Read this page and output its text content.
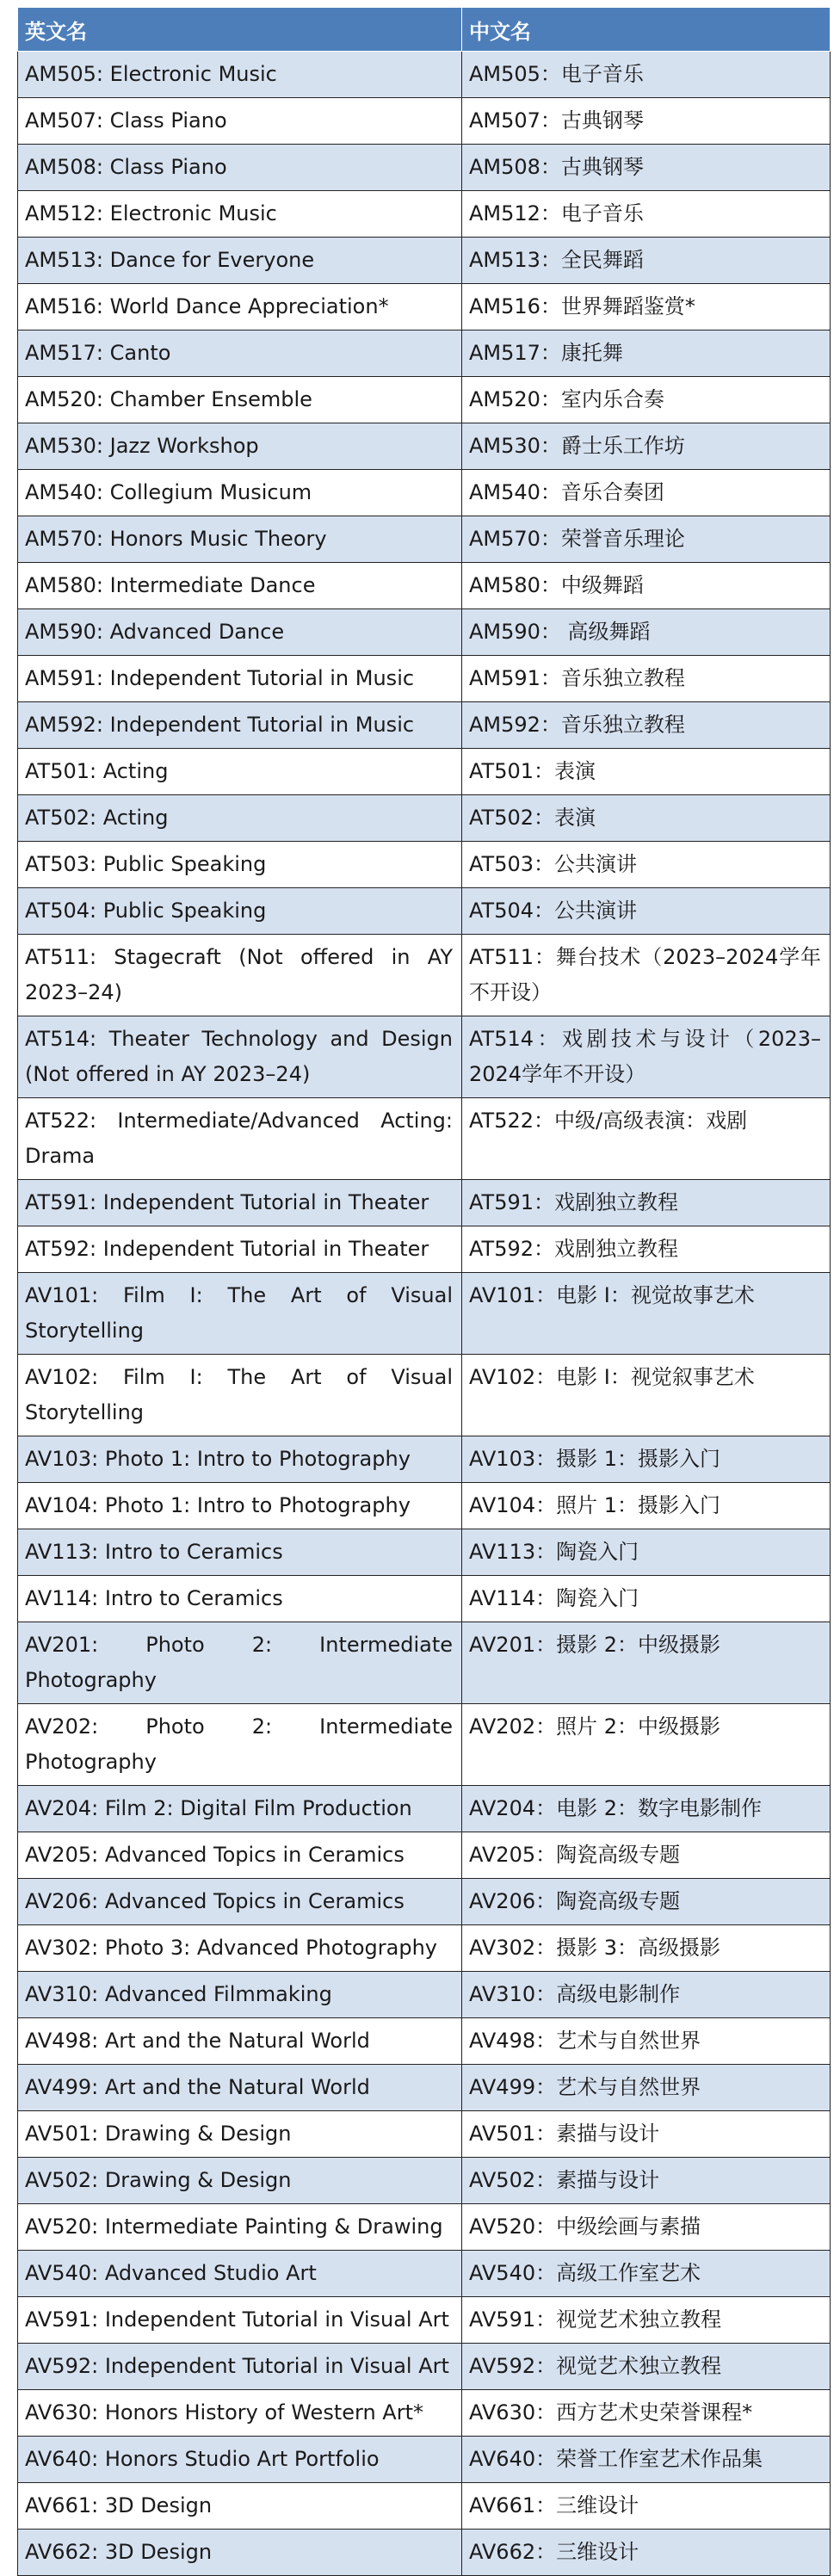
英文名	中文名
AM505: Electronic Music	AM505：电子音乐
AM507: Class Piano	AM507：古典钢琴
AM508: Class Piano	AM508：古典钢琴
AM512: Electronic Music	AM512：电子音乐
AM513: Dance for Everyone	AM513：全民舞蹈
AM516: World Dance Appreciation*	AM516：世界舞蹈鉴赏*
AM517: Canto	AM517：康托舞
AM520: Chamber Ensemble	AM520：室内乐合奏
AM530: Jazz Workshop	AM530：爵士乐工作坊
AM540: Collegium Musicum	AM540：音乐合奏团
AM570: Honors Music Theory	AM570：荣誉音乐理论
AM580: Intermediate Dance	AM580：中级舞蹈
AM590: Advanced Dance	AM590： 高级舞蹈
AM591: Independent Tutorial in Music	AM591：音乐独立教程
AM592: Independent Tutorial in Music	AM592：音乐独立教程
AT501: Acting	AT501：表演
AT502: Acting	AT502：表演
AT503: Public Speaking	AT503：公共演讲
AT504: Public Speaking	AT504：公共演讲
AT511: Stagecraft (Not offered in AY 2023–24)	AT511：舞台技术（2023–2024学年不开设）
AT514: Theater Technology and Design (Not offered in AY 2023–24)	AT514：戏剧技术与设计（2023–2024学年不开设）
AT522: Intermediate/Advanced Acting: Drama	AT522：中级/高级表演：戏剧
AT591: Independent Tutorial in Theater	AT591：戏剧独立教程
AT592: Independent Tutorial in Theater	AT592：戏剧独立教程
AV101: Film I: The Art of Visual Storytelling	AV101：电影 I：视觉故事艺术
AV102: Film I: The Art of Visual Storytelling	AV102：电影 I：视觉叙事艺术
AV103: Photo 1: Intro to Photography	AV103：摄影 1：摄影入门
AV104: Photo 1: Intro to Photography	AV104：照片 1：摄影入门
AV113: Intro to Ceramics	AV113：陶瓷入门
AV114: Intro to Ceramics	AV114：陶瓷入门
AV201: Photo 2: Intermediate Photography	AV201：摄影 2：中级摄影
AV202: Photo 2: Intermediate Photography	AV202：照片 2：中级摄影
AV204: Film 2: Digital Film Production	AV204：电影 2：数字电影制作
AV205: Advanced Topics in Ceramics	AV205：陶瓷高级专题
AV206: Advanced Topics in Ceramics	AV206：陶瓷高级专题
AV302: Photo 3: Advanced Photography	AV302：摄影 3：高级摄影
AV310: Advanced Filmmaking	AV310：高级电影制作
AV498: Art and the Natural World	AV498：艺术与自然世界
AV499: Art and the Natural World	AV499：艺术与自然世界
AV501: Drawing & Design	AV501：素描与设计
AV502: Drawing & Design	AV502：素描与设计
AV520: Intermediate Painting & Drawing	AV520：中级绘画与素描
AV540: Advanced Studio Art	AV540：高级工作室艺术
AV591: Independent Tutorial in Visual Art	AV591：视觉艺术独立教程
AV592: Independent Tutorial in Visual Art	AV592：视觉艺术独立教程
AV630: Honors History of Western Art*	AV630：西方艺术史荣誉课程*
AV640: Honors Studio Art Portfolio	AV640：荣誉工作室艺术作品集
AV661: 3D Design	AV661：三维设计
AV662: 3D Design	AV662：三维设计
